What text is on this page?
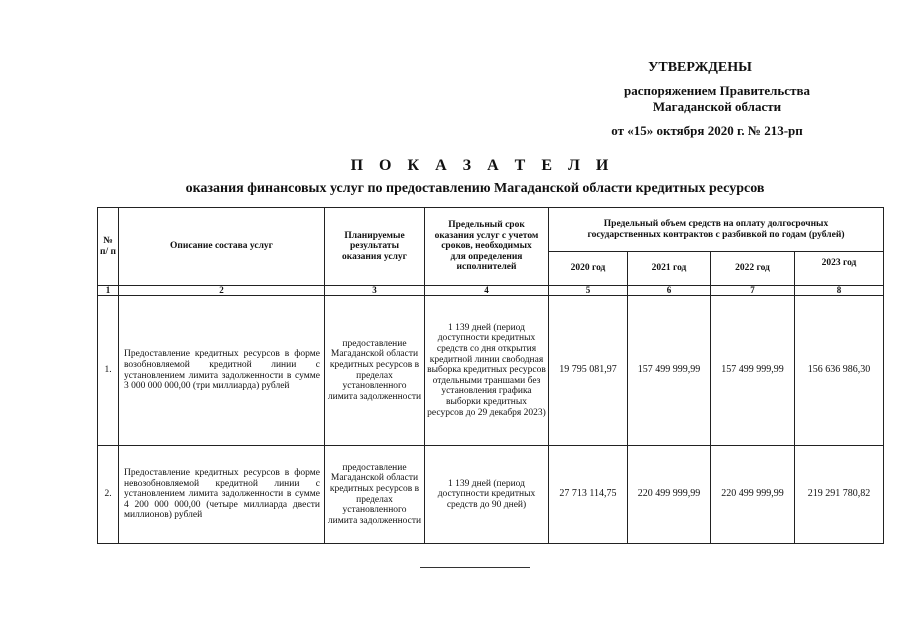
УТВЕРЖДЕНЫ
распоряжением Правительства
Магаданской области
от «15» октября 2020 г. № 213-рп
П О К А З А Т Е Л И
оказания финансовых услуг по предоставлению Магаданской области кредитных ресурсов
№ п/ п	Описание состава услуг	Планируемые результаты оказания услуг	Предельный срок оказания услуг с учетом сроков, необходимых для определения исполнителей	Предельный объем средств на оплату долгосрочных государственных контрактов с разбивкой по годам (рублей)			
				2020 год	2021 год	2022 год	2023 год
1	2	3	4	5	6	7	8
1.	Предоставление кредитных ресурсов в форме возобновляемой кредитной линии с установлением лимита задолженности в сумме 3 000 000 000,00 (три миллиарда) рублей	предоставление Магаданской области кредитных ресурсов в пределах установленного лимита задолженности	1 139 дней (период доступности кредитных средств со дня открытия кредитной линии свободная выборка кредитных ресурсов отдельными траншами без установления графика выборки кредитных ресурсов до 29 декабря 2023)	19 795 081,97	157 499 999,99	157 499 999,99	156 636 986,30
2.	Предоставление кредитных ресурсов в форме невозобновляемой кредитной линии с установлением лимита задолженности в сумме 4 200 000 000,00 (четыре миллиарда двести миллионов) рублей	предоставление Магаданской области кредитных ресурсов в пределах установленного лимита задолженности	1 139 дней (период доступности кредитных средств до 90 дней)	27 713 114,75	220 499 999,99	220 499 999,99	219 291 780,82
